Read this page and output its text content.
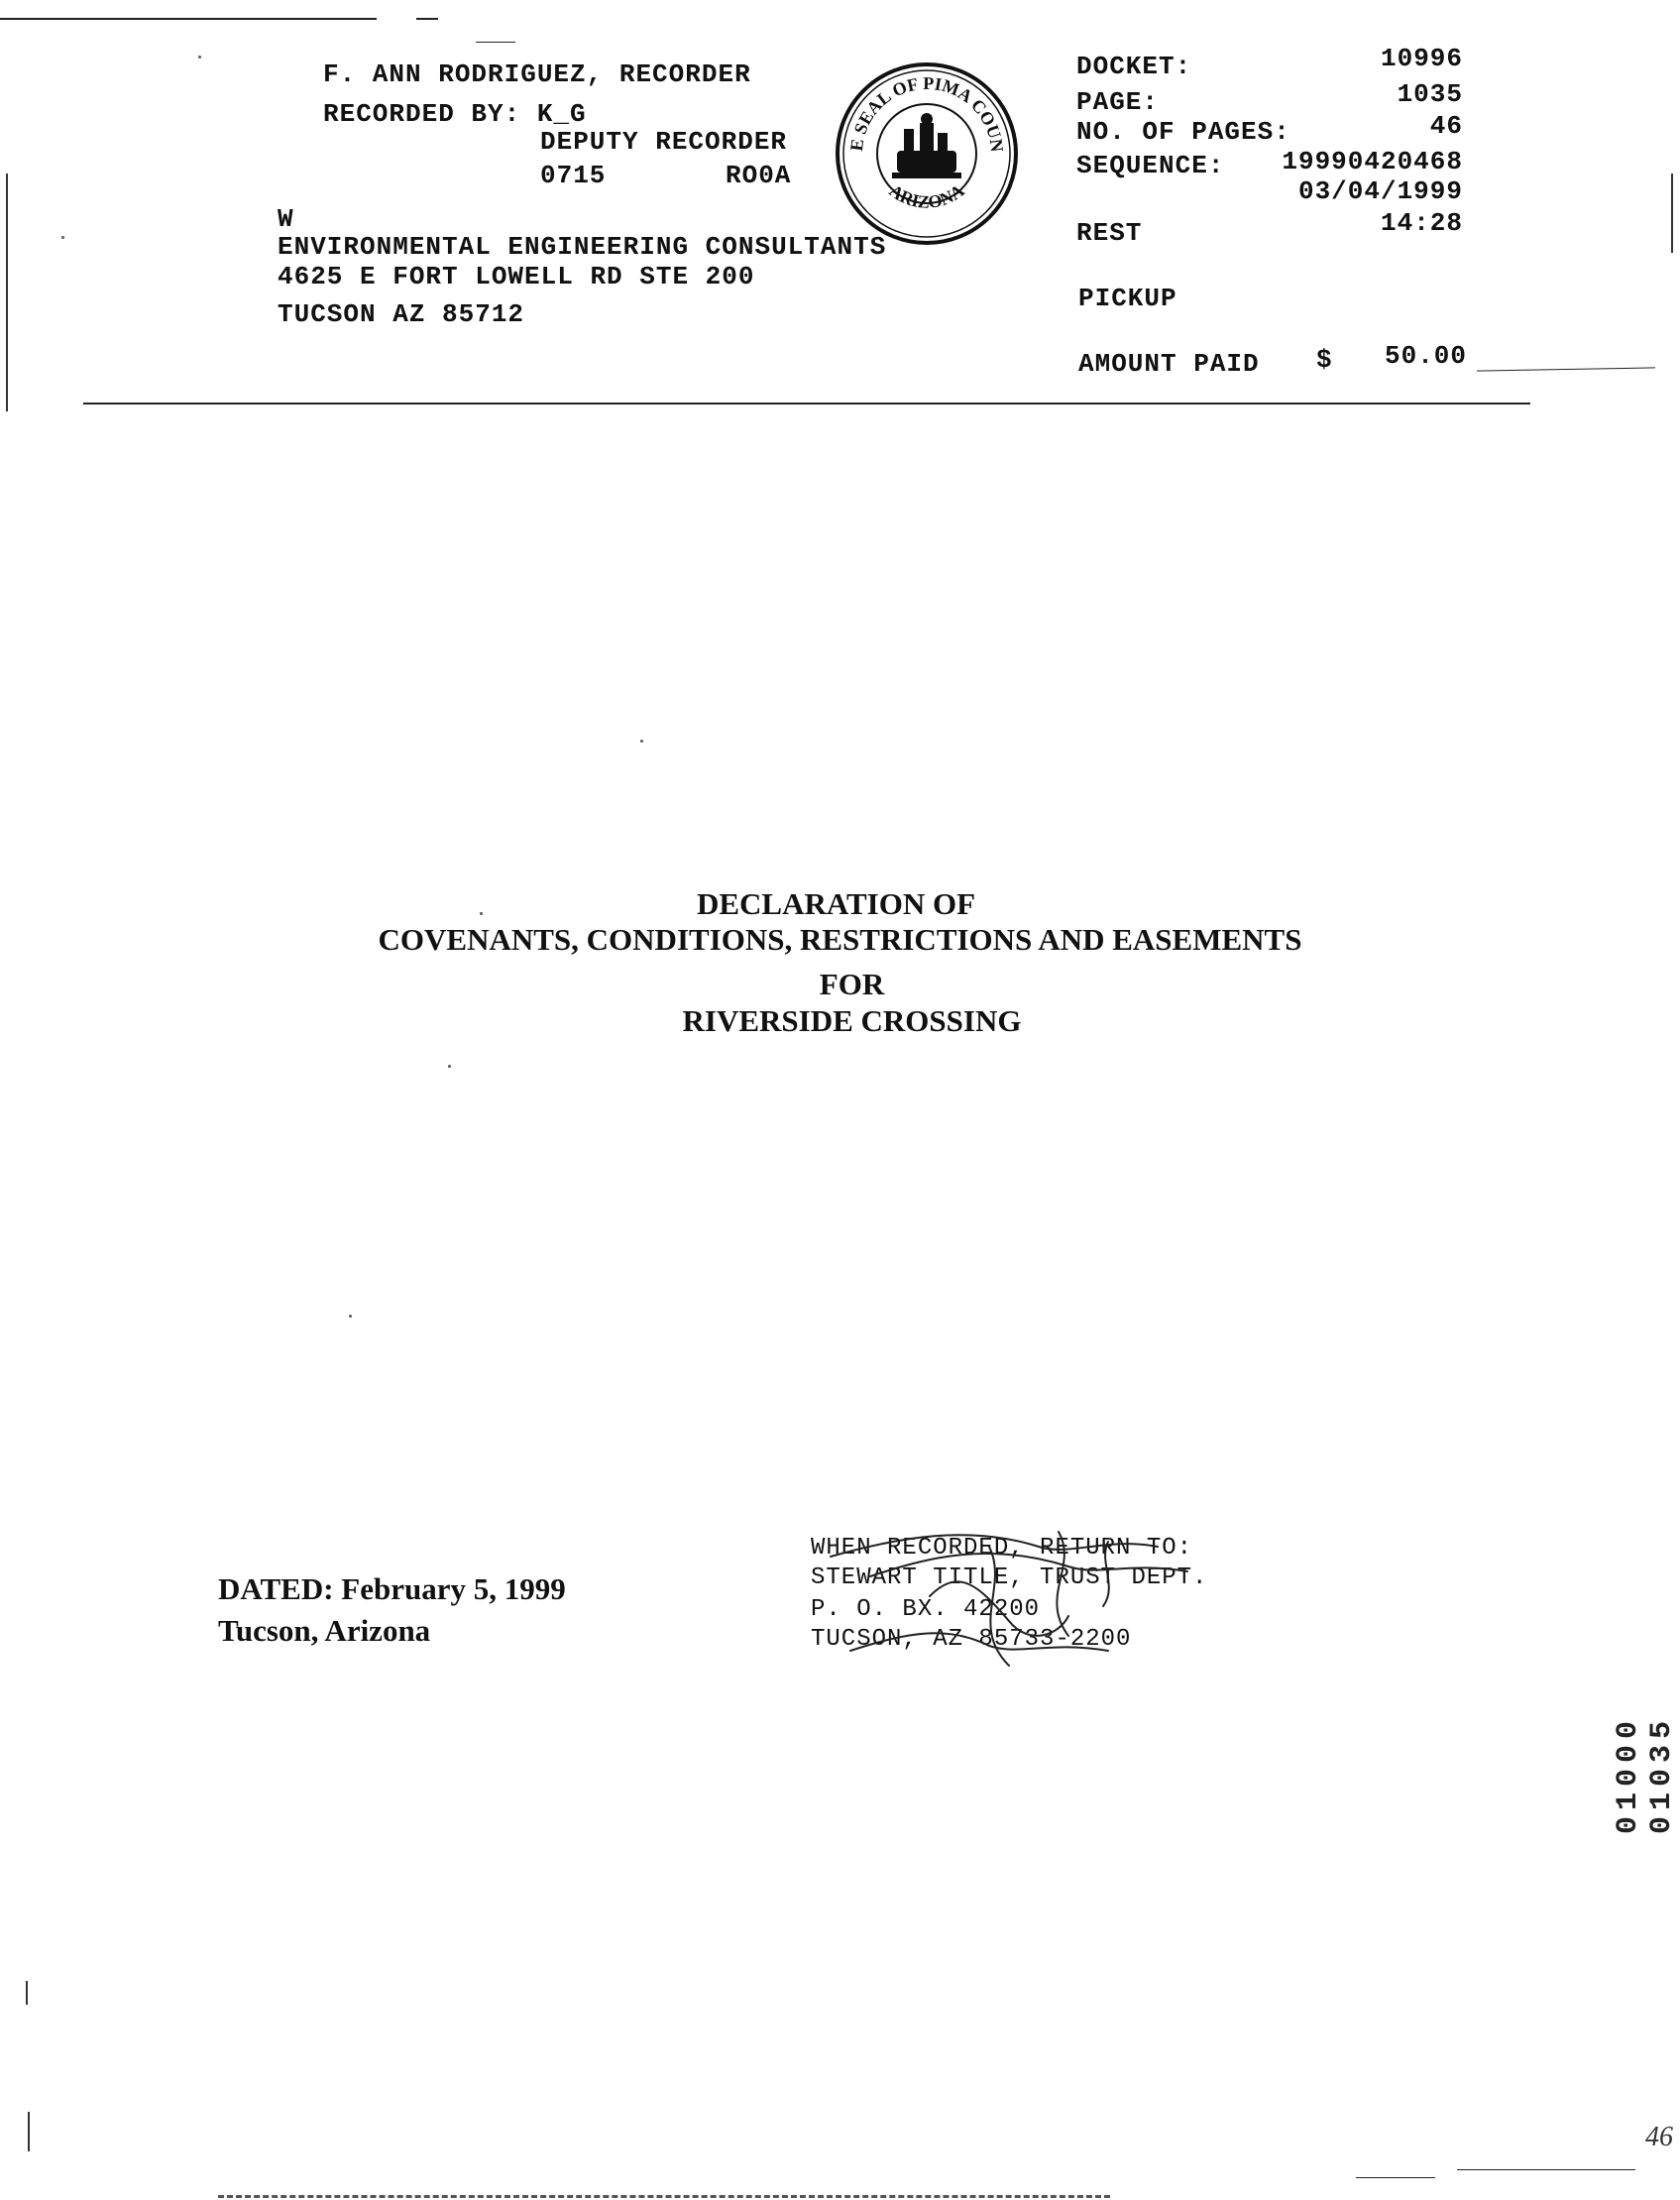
F. ANN RODRIGUEZ, RECORDER
RECORDED BY: K_G
DEPUTY RECORDER
0715	RO0A
W
ENVIRONMENTAL ENGINEERING CONSULTANTS
4625 E FORT LOWELL RD STE 200
TUCSON AZ 85712
E SEAL OF PIMA COUN
ARIZONA
DOCKET:	10996
PAGE:	1035
NO. OF PAGES:	46
SEQUENCE:	19990420468
03/04/1999
REST	14:28
PICKUP
AMOUNT PAID $	50.00
DECLARATION OF
COVENANTS, CONDITIONS, RESTRICTIONS AND EASEMENTS
FOR
RIVERSIDE CROSSING
DATED: February 5, 1999
Tucson, Arizona
WHEN RECORDED, RETURN TO:
STEWART TITLE, TRUST DEPT.
P. O. BX. 42200
TUCSON, AZ 85733-2200
01000 01035
46
